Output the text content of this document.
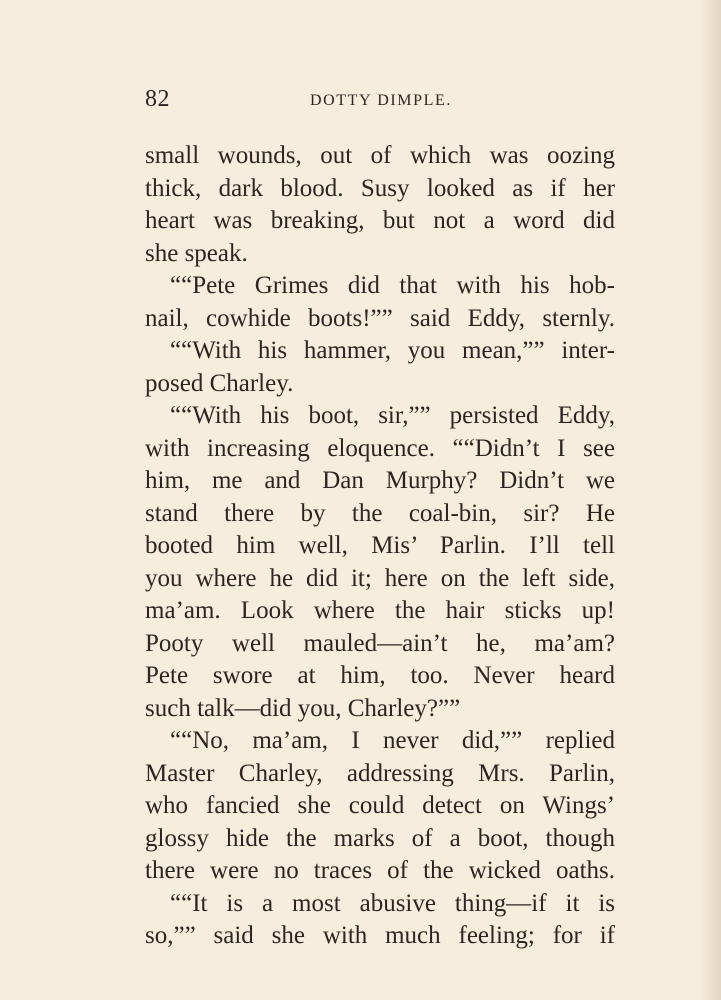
82	DOTTY DIMPLE.
small wounds, out of which was oozing
thick, dark blood. Susy looked as if her
heart was breaking, but not a word did
she speak.
““Pete Grimes did that with his hob-
nail, cowhide boots!”” said Eddy, sternly.
““With his hammer, you mean,”” inter-
posed Charley.
““With his boot, sir,”” persisted Eddy,
with increasing eloquence. ““Didn’t I see
him, me and Dan Murphy? Didn’t we
stand there by the coal-bin, sir? He
booted him well, Mis’ Parlin. I’ll tell
you where he did it; here on the left side,
ma’am. Look where the hair sticks up!
Pooty well mauled—ain’t he, ma’am?
Pete swore at him, too. Never heard
such talk—did you, Charley?””
““No, ma’am, I never did,”” replied
Master Charley, addressing Mrs. Parlin,
who fancied she could detect on Wings’
glossy hide the marks of a boot, though
there were no traces of the wicked oaths.
““It is a most abusive thing—if it is
so,”” said she with much feeling; for if
